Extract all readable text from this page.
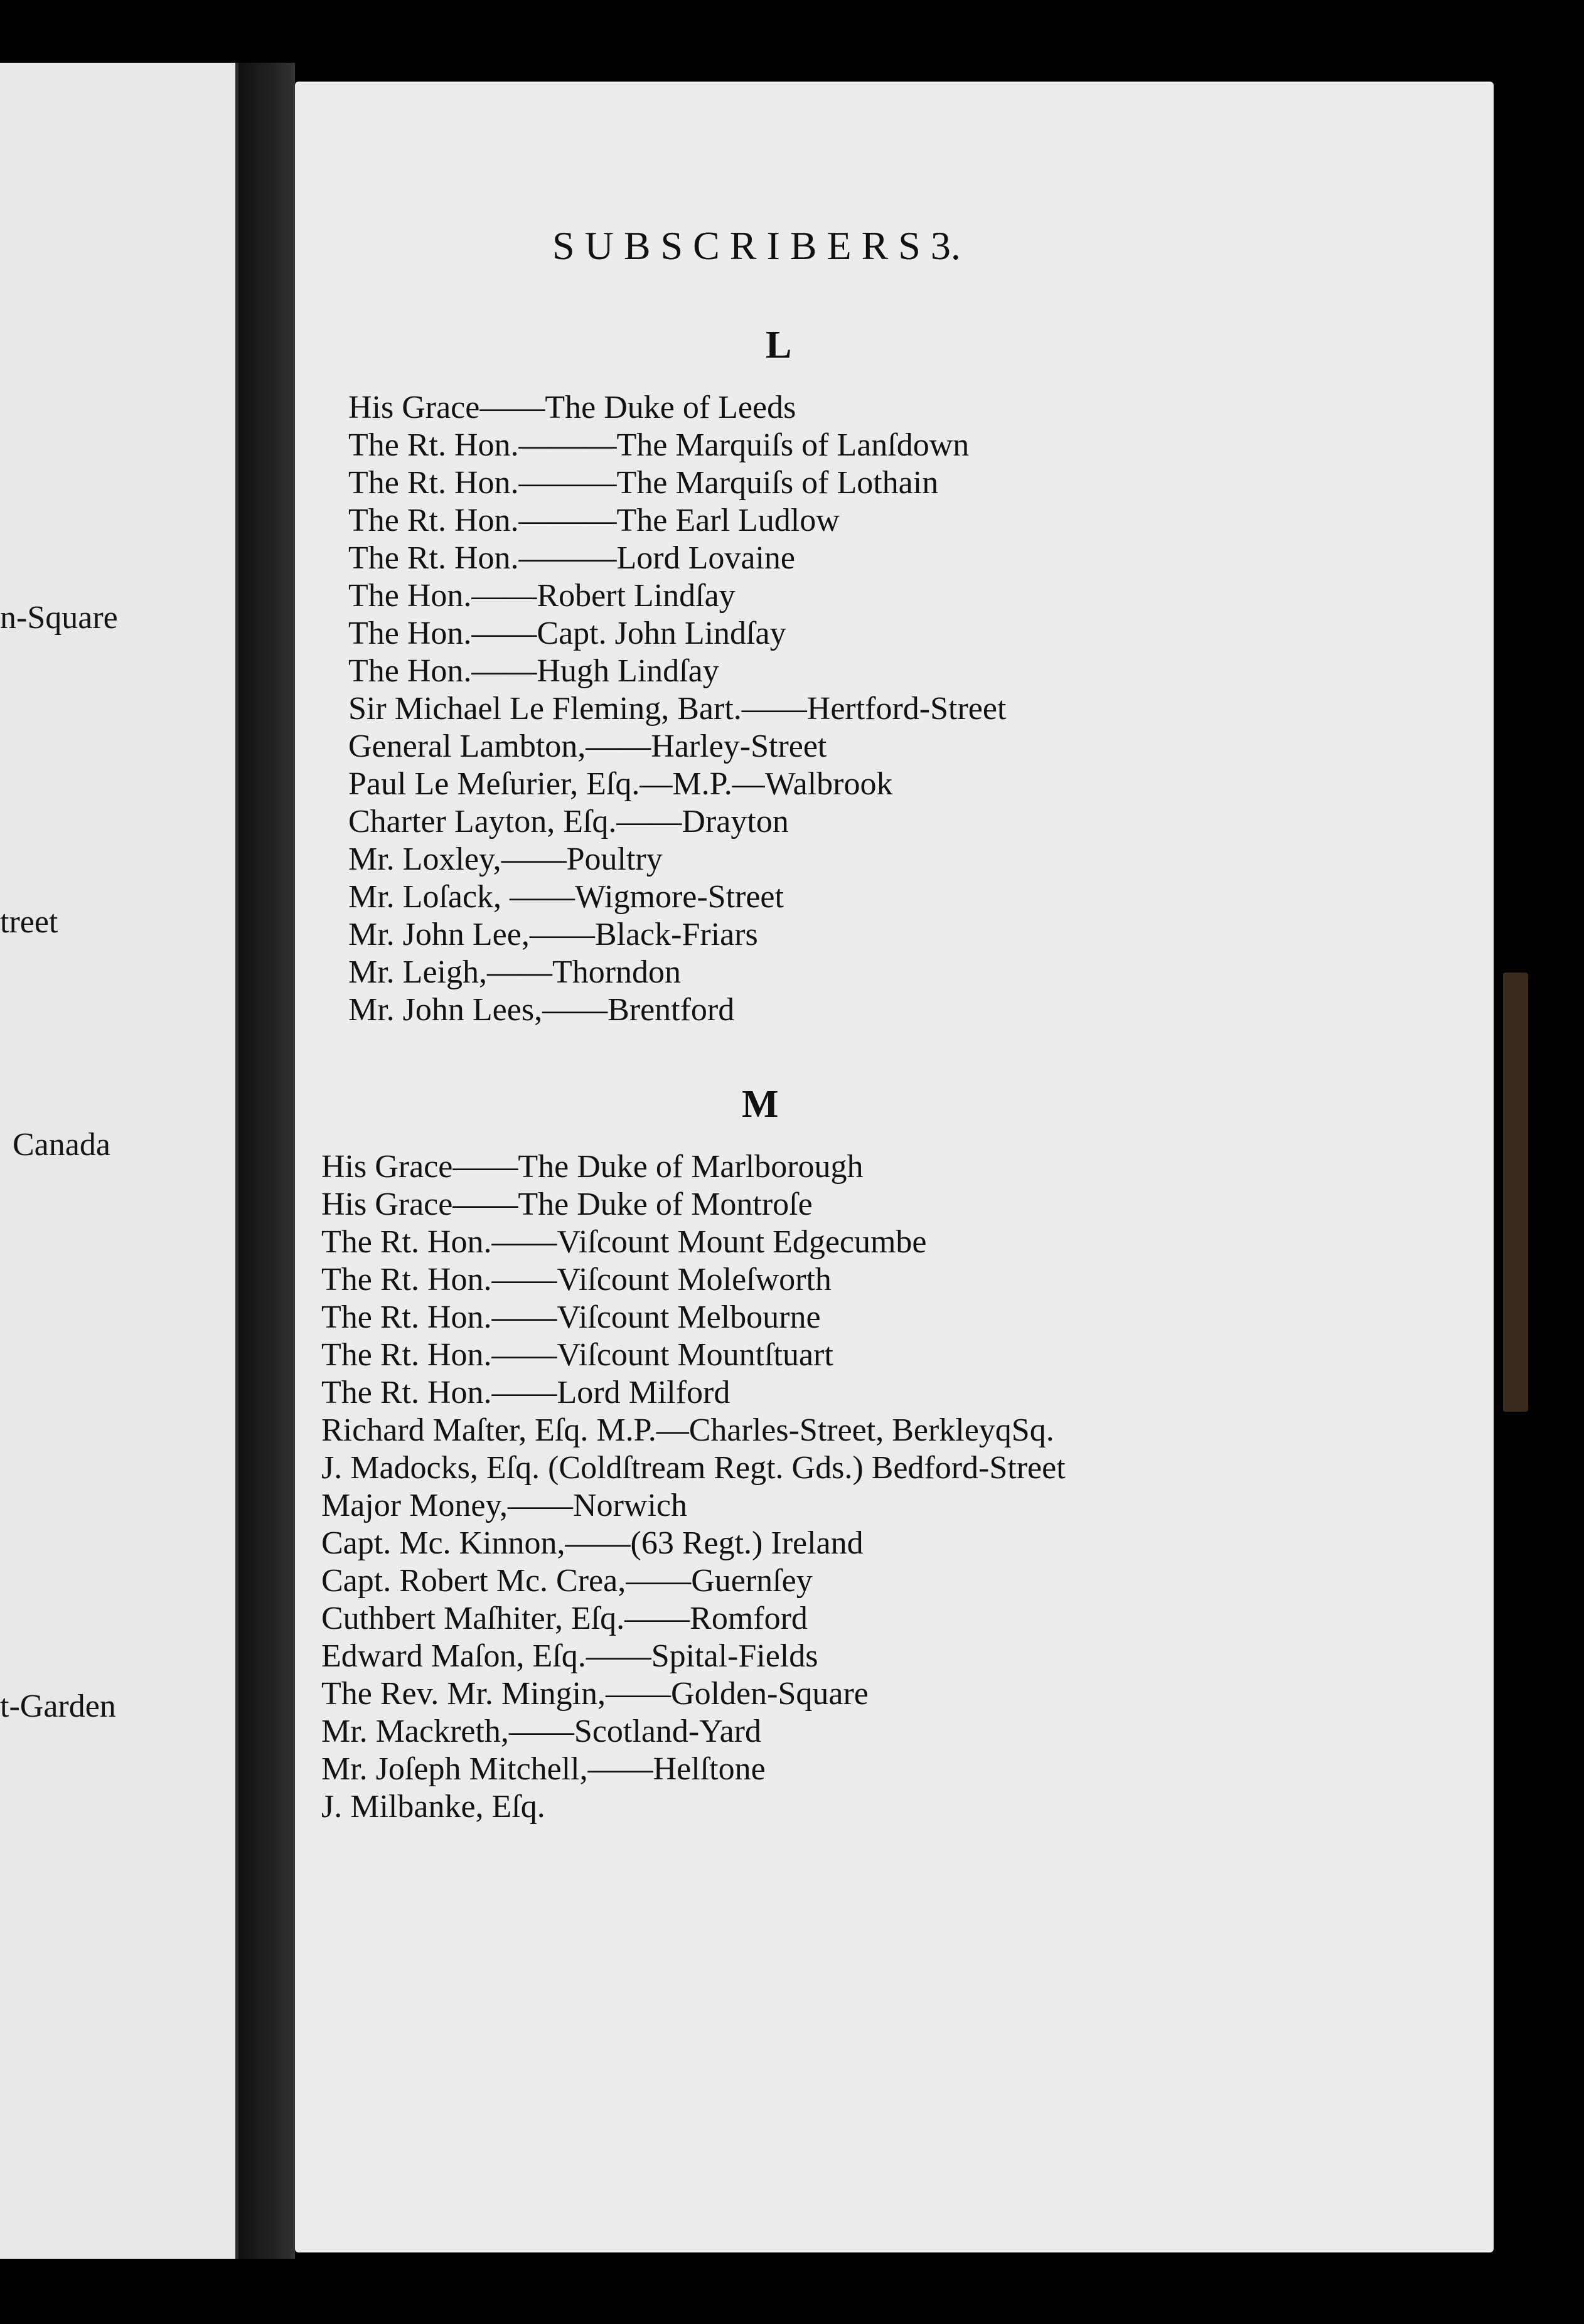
n-Square
treet
Canada
t-Garden
SUBSCRIBERS3.
L
His Grace——The Duke of Leeds
The Rt. Hon.———The Marquiſs of Lanſdown
The Rt. Hon.———The Marquiſs of Lothain
The Rt. Hon.———The Earl Ludlow
The Rt. Hon.———Lord Lovaine
The Hon.——Robert Lindſay
The Hon.——Capt. John Lindſay
The Hon.——Hugh Lindſay
Sir Michael Le Fleming, Bart.——Hertford-Street
General Lambton,——Harley-Street
Paul Le Meſurier, Eſq.—M.P.—Walbrook
Charter Layton, Eſq.——Drayton
Mr. Loxley,——Poultry
Mr. Loſack, ——Wigmore-Street
Mr. John Lee,——Black-Friars
Mr. Leigh,——Thorndon
Mr. John Lees,——Brentford
M
His Grace——The Duke of Marlborough
His Grace——The Duke of Montroſe
The Rt. Hon.——Viſcount Mount Edgecumbe
The Rt. Hon.——Viſcount Moleſworth
The Rt. Hon.——Viſcount Melbourne
The Rt. Hon.——Viſcount Mountſtuart
The Rt. Hon.——Lord Milford
Richard Maſter, Eſq. M.P.—Charles-Street, BerkleyqSq.
J. Madocks, Eſq. (Coldſtream Regt. Gds.) Bedford-Street
Major Money,——Norwich
Capt. Mc. Kinnon,——(63 Regt.) Ireland
Capt. Robert Mc. Crea,——Guernſey
Cuthbert Maſhiter, Eſq.——Romford
Edward Maſon, Eſq.——Spital-Fields
The Rev. Mr. Mingin,——Golden-Square
Mr. Mackreth,——Scotland-Yard
Mr. Joſeph Mitchell,——Helſtone
J. Milbanke, Eſq.
